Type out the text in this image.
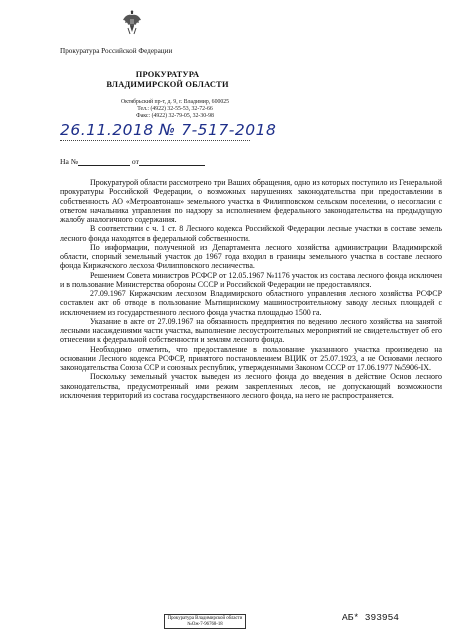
Прокуратура Российской Федерации
ПРОКУРАТУРА
ВЛАДИМИРСКОЙ ОБЛАСТИ
Октябрьский пр-т, д. 9, г. Владимир, 600025
Тел.: (4922) 32-55-53, 32-72-66
Факс: (4922) 32-79-05, 32-30-98
26.11.2018 № 7-517-2018
На №	от

Прокуратурой области рассмотрено три Ваших обращения, одно из которых поступило из Генеральной прокуратуры Российской Федерации, о возможных нарушениях законодательства при предоставлении в собственность АО «Метроавтонаш» земельного участка в Филипповском сельском поселении, о несогласии с ответом начальника управления по надзору за исполнением федерального законодательства на предыдущую жалобу аналогичного содержания.

В соответствии с ч. 1 ст. 8 Лесного кодекса Российской Федерации лесные участки в составе земель лесного фонда находятся в федеральной собственности.

По информации, полученной из Департамента лесного хозяйства администрации Владимирской области, спорный земельный участок до 1967 года входил в границы земельного участка в составе лесного фонда Киржачского лесхоза Филипповского лесничества.

Решением Совета министров РСФСР от 12.05.1967 №1176 участок из состава лесного фонда исключен и в пользование Министерства обороны СССР и Российской Федерации не предоставлялся.

27.09.1967 Киржачским лесхозом Владимирского областного управления лесного хозяйства РСФСР составлен акт об отводе в пользование Мытищинскому машиностроительному заводу лесных площадей с исключением из государственного лесного фонда участка площадью 1500 га.

Указание в акте от 27.09.1967 на обязанность предприятия по ведению лесного хозяйства на занятой лесными насаждениями части участка, выполнение лесоустроительных мероприятий не свидетельствует об его отнесении к федеральной собственности и землям лесного фонда.

Необходимо отметить, что предоставление в пользование указанного участка произведено на основании Лесного кодекса РСФСР, принятого постановлением ВЦИК от 25.07.1923, а не Основами лесного законодательства Союза ССР и союзных республик, утвержденными Законом СССР от 17.06.1977 №5906-IX.

Поскольку земельный участок выведен из лесного фонда до введения в действие Основ лесного законодательства, предусмотренный ими режим закрепленных лесов, не допускающий возможности исключения территорий из состава государственного лесного фонда, на него не распространяется.

Прокуратура Владимирской области
№Ож-7-96768-18
АБ* 393954
